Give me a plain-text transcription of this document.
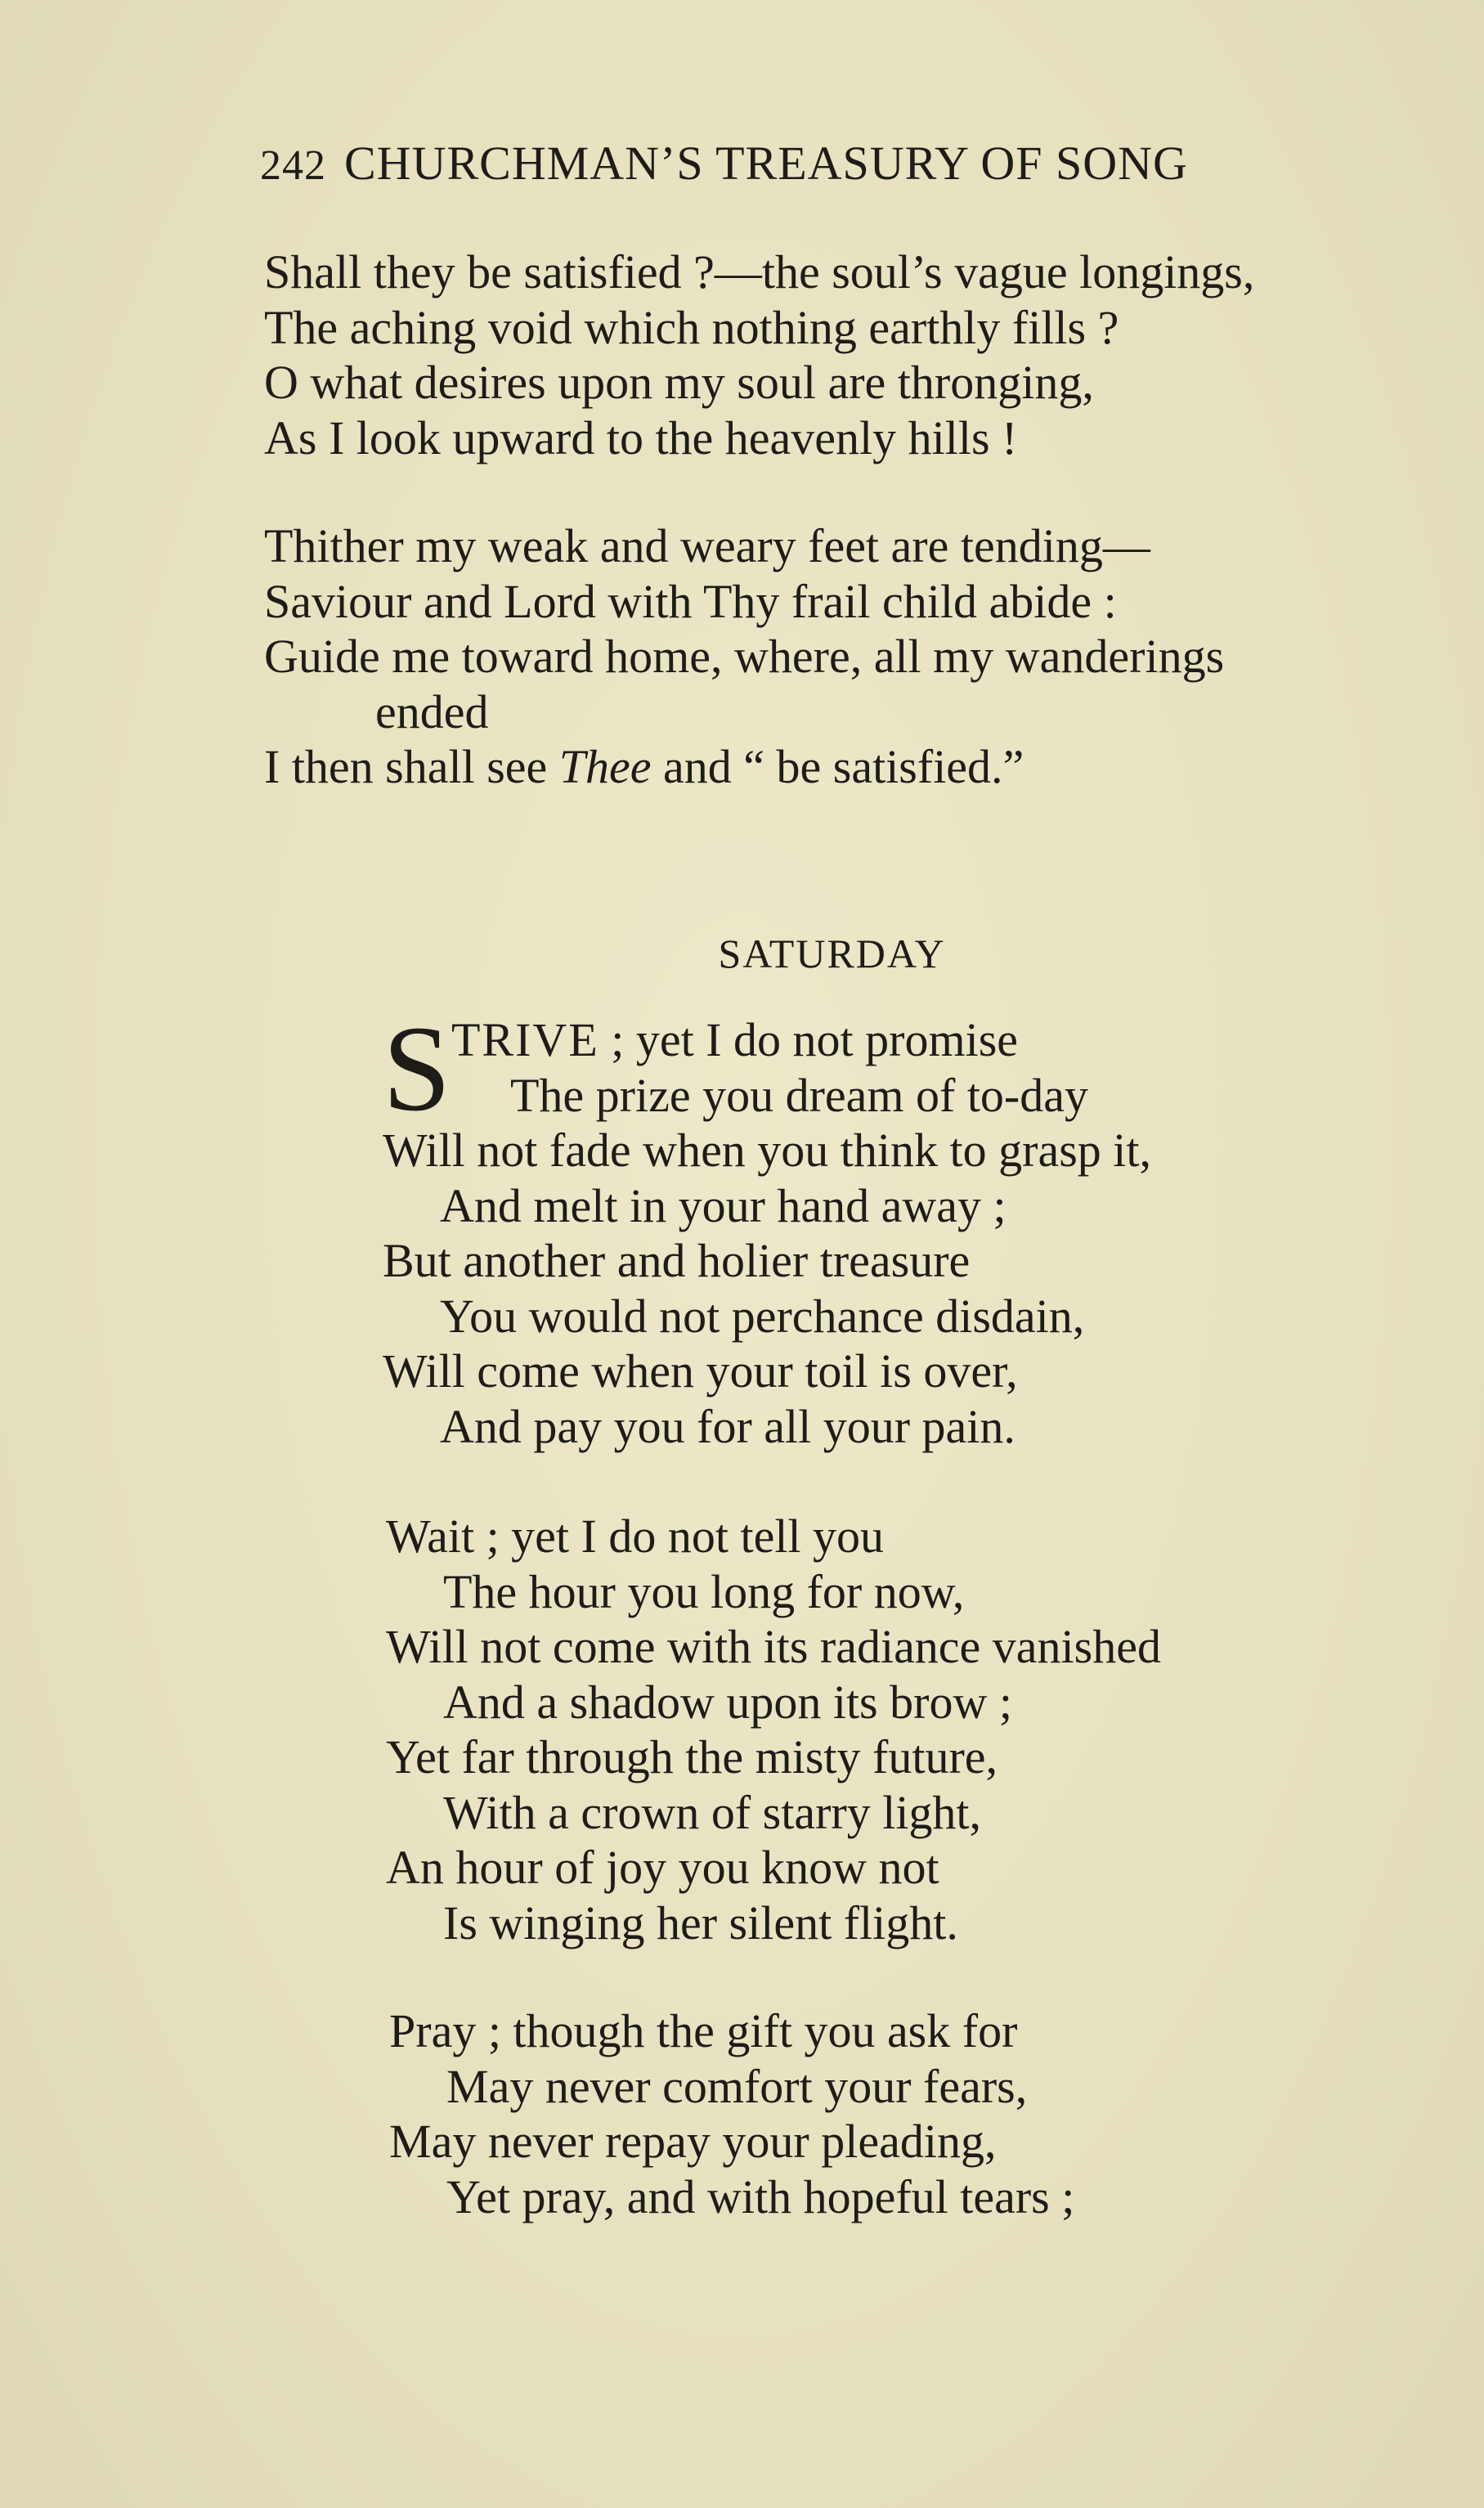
242 CHURCHMAN’S TREASURY OF SONG
Shall they be satisfied ?—the soul’s vague longings,
The aching void which nothing earthly fills ?
O what desires upon my soul are thronging,
As I look upward to the heavenly hills !
Thither my weak and weary feet are tending—
Saviour and Lord with Thy frail child abide :
Guide me toward home, where, all my wanderings
ended
I then shall see Thee and “ be satisfied.”
SATURDAY
S TRIVE ; yet I do not promise
The prize you dream of to-day
Will not fade when you think to grasp it,
And melt in your hand away ;
But another and holier treasure
You would not perchance disdain,
Will come when your toil is over,
And pay you for all your pain.
Wait ; yet I do not tell you
The hour you long for now,
Will not come with its radiance vanished
And a shadow upon its brow ;
Yet far through the misty future,
With a crown of starry light,
An hour of joy you know not
Is winging her silent flight.
Pray ; though the gift you ask for
May never comfort your fears,
May never repay your pleading,
Yet pray, and with hopeful tears ;
